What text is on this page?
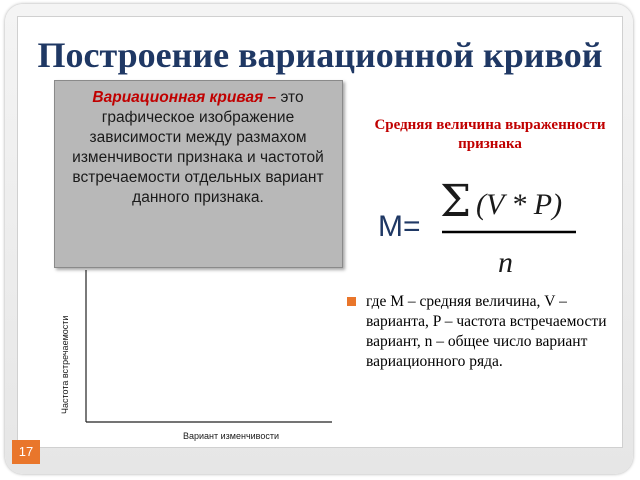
Построение вариационной кривой
Вариационная кривая – это графическое изображение зависимости между размахом изменчивости признака и частотой встречаемости отдельных вариант данного признака.
Средняя величина выраженности признака
M= Σ (V * P)
n
где M – средняя величина, V – варианта, P – частота встречаемости вариант, n – общее число вариант вариационного ряда.
Частота встречаемости
Вариант изменчивости
17
